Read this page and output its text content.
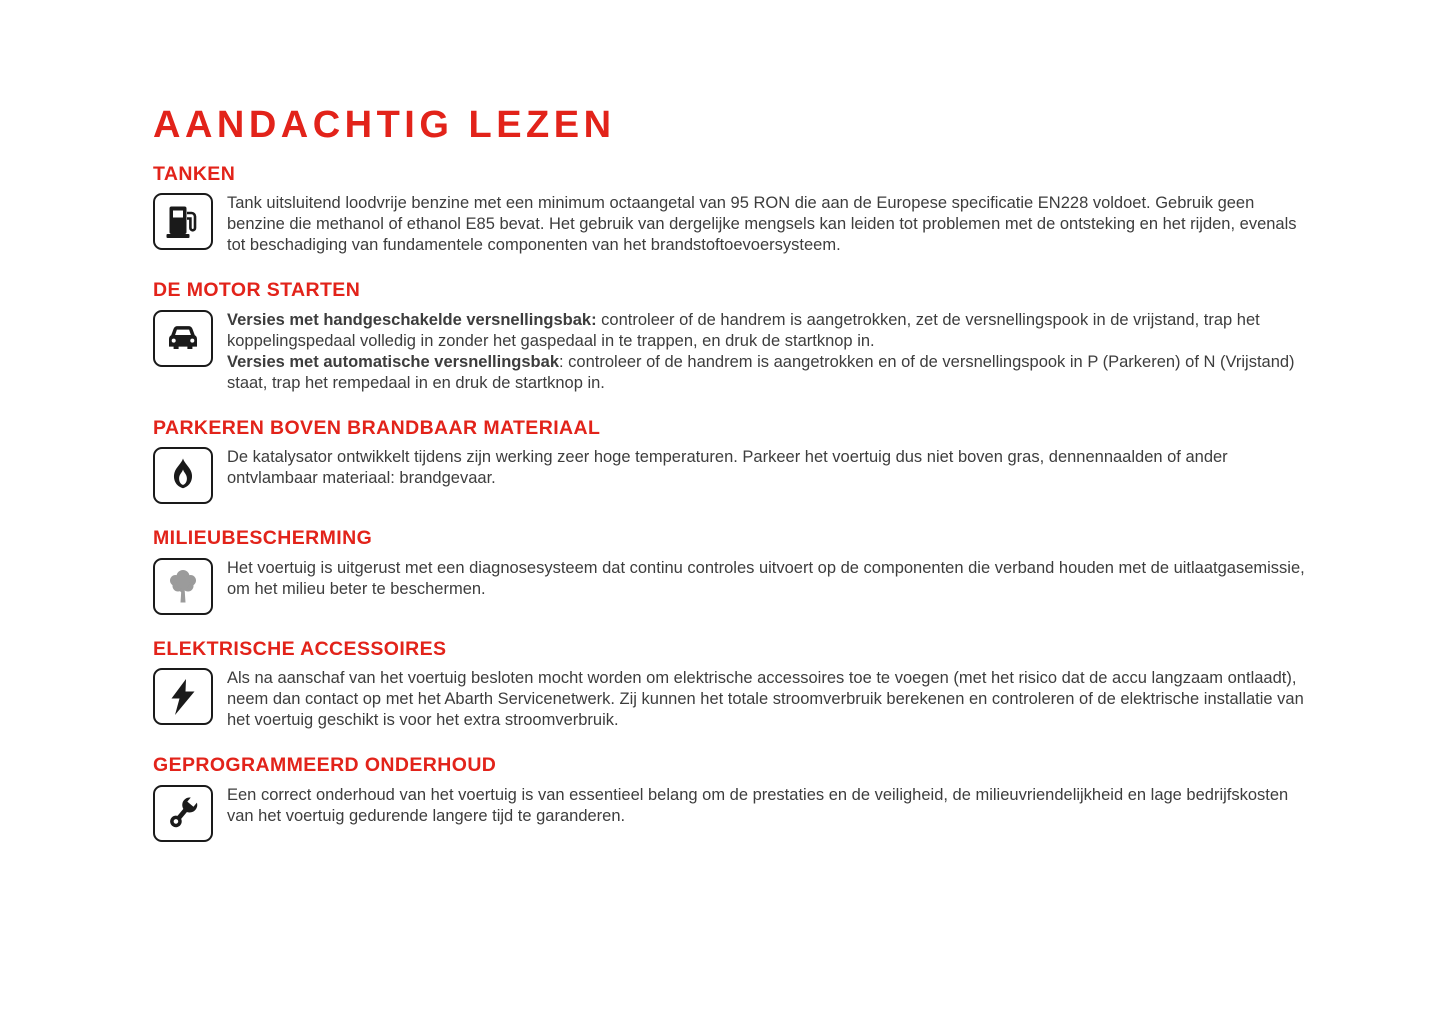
AANDACHTIG LEZEN
TANKEN

Tank uitsluitend loodvrije benzine met een minimum octaangetal van 95 RON die aan de Europese specificatie EN228 voldoet. Gebruik geen benzine die methanol of ethanol E85 bevat. Het gebruik van dergelijke mengsels kan leiden tot problemen met de ontsteking en het rijden, evenals tot beschadiging van fundamentele componenten van het brandstoftoevoersysteem.

DE MOTOR STARTEN

Versies met handgeschakelde versnellingsbak: controleer of de handrem is aangetrokken, zet de versnellingspook in de vrijstand, trap het koppelingspedaal volledig in zonder het gaspedaal in te trappen, en druk de startknop in.

Versies met automatische versnellingsbak: controleer of de handrem is aangetrokken en of de versnellingspook in P (Parkeren) of N (Vrijstand) staat, trap het rempedaal in en druk de startknop in.

PARKEREN BOVEN BRANDBAAR MATERIAAL

De katalysator ontwikkelt tijdens zijn werking zeer hoge temperaturen. Parkeer het voertuig dus niet boven gras, dennennaalden of ander ontvlambaar materiaal: brandgevaar.

MILIEUBESCHERMING

Het voertuig is uitgerust met een diagnosesysteem dat continu controles uitvoert op de componenten die verband houden met de uitlaatgasemissie, om het milieu beter te beschermen.

ELEKTRISCHE ACCESSOIRES

Als na aanschaf van het voertuig besloten mocht worden om elektrische accessoires toe te voegen (met het risico dat de accu langzaam ontlaadt), neem dan contact op met het Abarth Servicenetwerk. Zij kunnen het totale stroomverbruik berekenen en controleren of de elektrische installatie van het voertuig geschikt is voor het extra stroomverbruik.

GEPROGRAMMEERD ONDERHOUD

Een correct onderhoud van het voertuig is van essentieel belang om de prestaties en de veiligheid, de milieuvriendelijkheid en lage bedrijfskosten van het voertuig gedurende langere tijd te garanderen.
